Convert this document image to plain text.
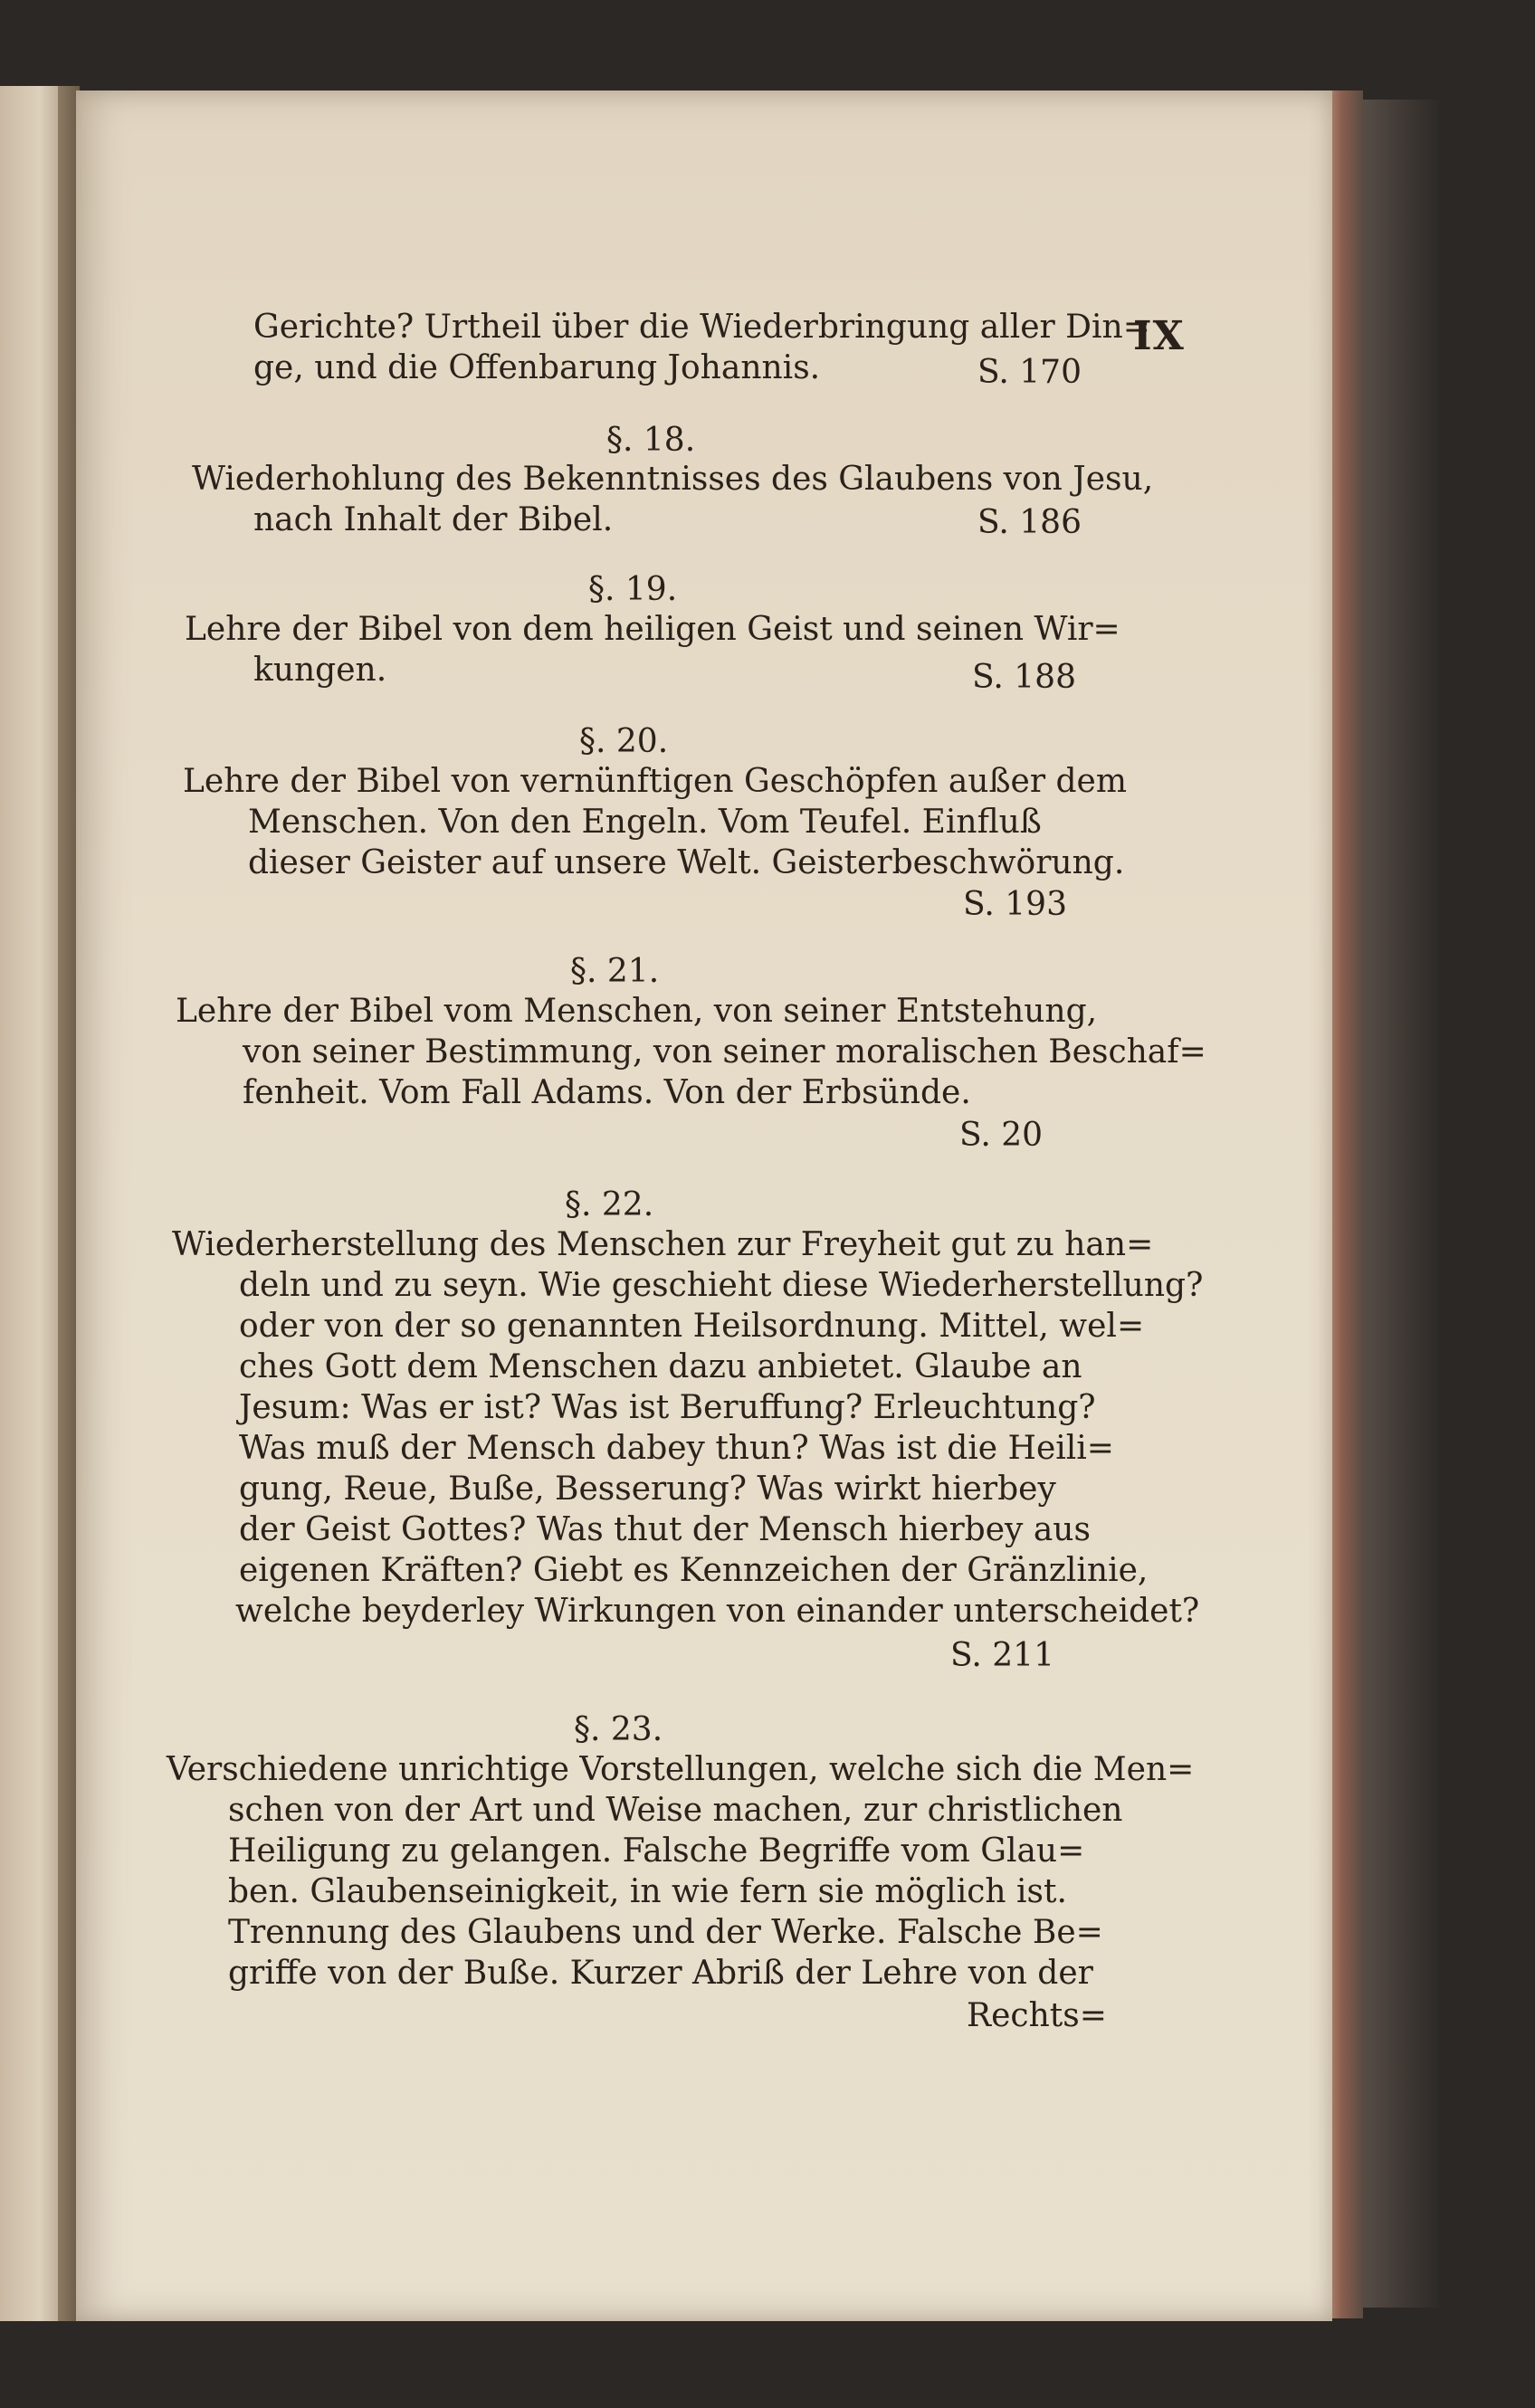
IX
Gerichte? Urtheil über die Wiederbringung aller Din=
ge, und die Offenbarung Johannis.	S. 170
§. 18.
Wiederhohlung des Bekenntnisses des Glaubens von Jesu,
nach Inhalt der Bibel.	S. 186
§. 19.
Lehre der Bibel von dem heiligen Geist und seinen Wir=
kungen.	S. 188
§. 20.
Lehre der Bibel von vernünftigen Geschöpfen außer dem
Menschen. Von den Engeln. Vom Teufel. Einfluß
dieser Geister auf unsere Welt. Geisterbeschwörung.
S. 193
§. 21.
Lehre der Bibel vom Menschen, von seiner Entstehung,
von seiner Bestimmung, von seiner moralischen Beschaf=
fenheit. Vom Fall Adams. Von der Erbsünde.
S. 20
§. 22.
Wiederherstellung des Menschen zur Freyheit gut zu han=
deln und zu seyn. Wie geschieht diese Wiederherstellung?
oder von der so genannten Heilsordnung. Mittel, wel=
ches Gott dem Menschen dazu anbietet. Glaube an
Jesum: Was er ist? Was ist Beruffung? Erleuchtung?
Was muß der Mensch dabey thun? Was ist die Heili=
gung, Reue, Buße, Besserung? Was wirkt hierbey
der Geist Gottes? Was thut der Mensch hierbey aus
eigenen Kräften? Giebt es Kennzeichen der Gränzlinie,
welche beyderley Wirkungen von einander unterscheidet?
S. 211
§. 23.
Verschiedene unrichtige Vorstellungen, welche sich die Men=
schen von der Art und Weise machen, zur christlichen
Heiligung zu gelangen. Falsche Begriffe vom Glau=
ben. Glaubenseinigkeit, in wie fern sie möglich ist.
Trennung des Glaubens und der Werke. Falsche Be=
griffe von der Buße. Kurzer Abriß der Lehre von der
Rechts=
